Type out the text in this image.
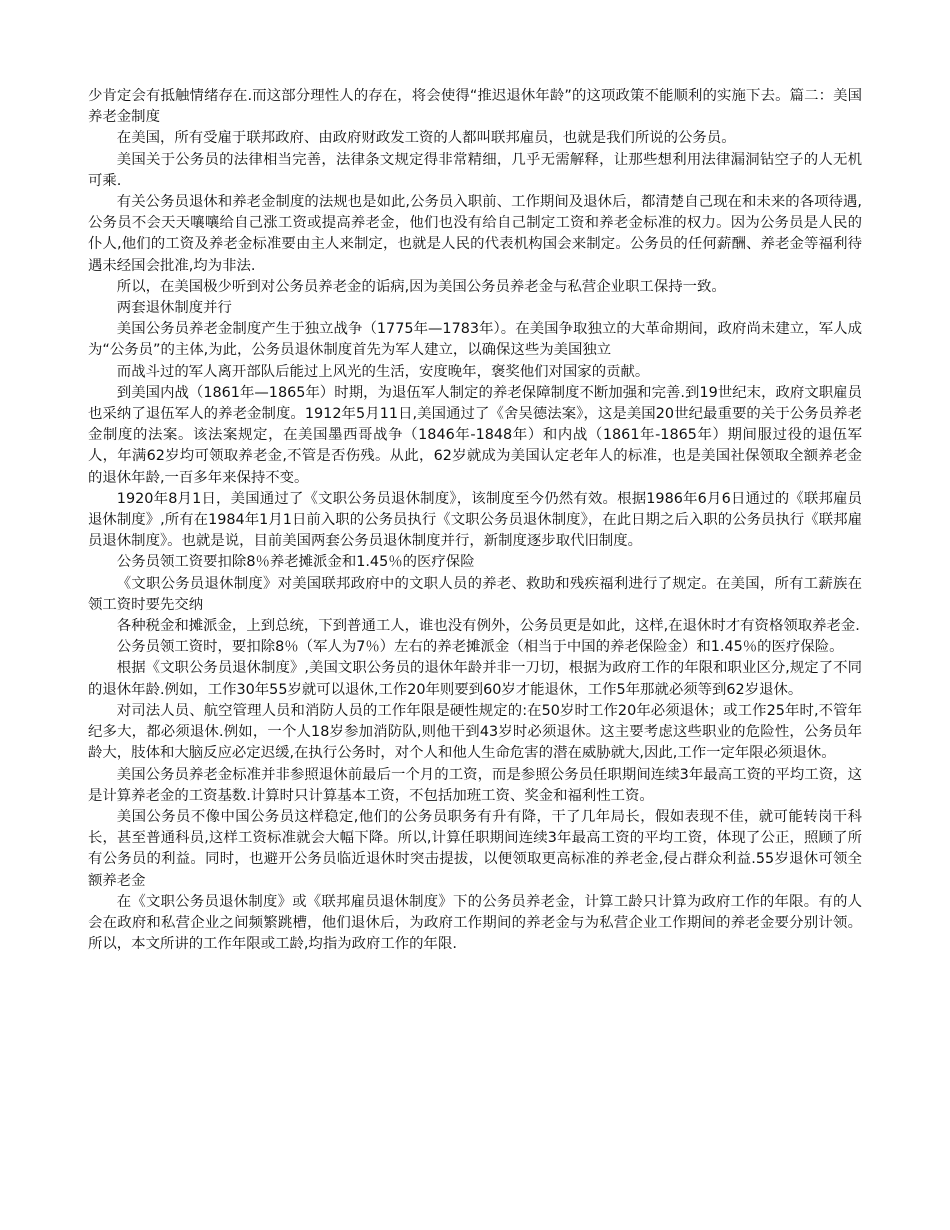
少肯定会有抵触情绪存在.而这部分理性人的存在，将会使得“推迟退休年龄”的这项政策不能顺利的实施下去。篇二：美国养老金制度

在美国，所有受雇于联邦政府、由政府财政发工资的人都叫联邦雇员，也就是我们所说的公务员。

美国关于公务员的法律相当完善，法律条文规定得非常精细，几乎无需解释，让那些想利用法律漏洞钻空子的人无机可乘.

有关公务员退休和养老金制度的法规也是如此,公务员入职前、工作期间及退休后，都清楚自己现在和未来的各项待遇,公务员不会天天嚷嚷给自己涨工资或提高养老金，他们也没有给自己制定工资和养老金标准的权力。因为公务员是人民的仆人,他们的工资及养老金标准要由主人来制定，也就是人民的代表机构国会来制定。公务员的任何薪酬、养老金等福利待遇未经国会批准,均为非法.

所以，在美国极少听到对公务员养老金的诟病,因为美国公务员养老金与私营企业职工保持一致。

两套退休制度并行

美国公务员养老金制度产生于独立战争（1775年—1783年）。在美国争取独立的大革命期间，政府尚未建立，军人成为“公务员”的主体,为此，公务员退休制度首先为军人建立，以确保这些为美国独立

而战斗过的军人离开部队后能过上风光的生活，安度晚年，褒奖他们对国家的贡献。

到美国内战（1861年—1865年）时期，为退伍军人制定的养老保障制度不断加强和完善.到19世纪末，政府文职雇员也采纳了退伍军人的养老金制度。1912年5月11日,美国通过了《舍吴德法案》，这是美国20世纪最重要的关于公务员养老金制度的法案。该法案规定，在美国墨西哥战争（1846年-1848年）和内战（1861年-1865年）期间服过役的退伍军人，年满62岁均可领取养老金,不管是否伤残。从此，62岁就成为美国认定老年人的标准，也是美国社保领取全额养老金的退休年龄,一百多年来保持不变。

1920年8月1日，美国通过了《文职公务员退休制度》，该制度至今仍然有效。根据1986年6月6日通过的《联邦雇员退休制度》,所有在1984年1月1日前入职的公务员执行《文职公务员退休制度》，在此日期之后入职的公务员执行《联邦雇员退休制度》。也就是说，目前美国两套公务员退休制度并行，新制度逐步取代旧制度。

公务员领工资要扣除8％养老摊派金和1.45％的医疗保险

《文职公务员退休制度》对美国联邦政府中的文职人员的养老、救助和残疾福利进行了规定。在美国，所有工薪族在领工资时要先交纳

各种税金和摊派金，上到总统，下到普通工人，谁也没有例外，公务员更是如此，这样,在退休时才有资格领取养老金.

公务员领工资时，要扣除8％（军人为7％）左右的养老摊派金（相当于中国的养老保险金）和1.45％的医疗保险。

根据《文职公务员退休制度》,美国文职公务员的退休年龄并非一刀切，根据为政府工作的年限和职业区分,规定了不同的退休年龄.例如，工作30年55岁就可以退休,工作20年则要到60岁才能退休，工作5年那就必须等到62岁退休。

对司法人员、航空管理人员和消防人员的工作年限是硬性规定的:在50岁时工作20年必须退休；或工作25年时,不管年纪多大，都必须退休.例如，一个人18岁参加消防队,则他干到43岁时必须退休。这主要考虑这些职业的危险性，公务员年龄大，肢体和大脑反应必定迟缓,在执行公务时，对个人和他人生命危害的潜在威胁就大,因此,工作一定年限必须退休。

美国公务员养老金标准并非参照退休前最后一个月的工资，而是参照公务员任职期间连续3年最高工资的平均工资，这是计算养老金的工资基数.计算时只计算基本工资，不包括加班工资、奖金和福利性工资。

美国公务员不像中国公务员这样稳定,他们的公务员职务有升有降，干了几年局长，假如表现不佳，就可能转岗干科长，甚至普通科员,这样工资标准就会大幅下降。所以,计算任职期间连续3年最高工资的平均工资，体现了公正，照顾了所有公务员的利益。同时，也避开公务员临近退休时突击提拔，以便领取更高标准的养老金,侵占群众利益.55岁退休可领全额养老金

在《文职公务员退休制度》或《联邦雇员退休制度》下的公务员养老金，计算工龄只计算为政府工作的年限。有的人会在政府和私营企业之间频繁跳槽，他们退休后，为政府工作期间的养老金与为私营企业工作期间的养老金要分别计领。所以，本文所讲的工作年限或工龄,均指为政府工作的年限.
